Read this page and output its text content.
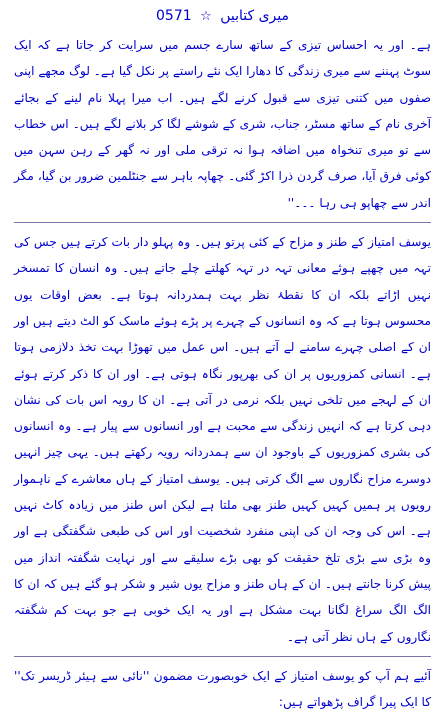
میری کتابیں ☆ 0571

ہے۔ اور یہ احساس تیزی کے ساتھ سارے جسم میں سرایت کر جاتا ہے کہ ایک سوٹ پہننے سے میری زندگی کا دھارا ایک نئے راستے پر نکل گیا ہے۔ لوگ مجھے اپنی صفوں میں کتنی تیزی سے قبول کرنے لگے ہیں۔ اب میرا پہلا نام لینے کے بجائے آخری نام کے ساتھ مسٹر، جناب، شری کے شوشے لگا کر بلانے لگے ہیں۔ اس خطاب سے تو میری تنخواہ میں اضافہ ہوا نہ ترقی ملی اور نہ گھر کے رہن سہن میں کوئی فرق آیا، صرف گردن ذرا اکڑ گئی۔ چھاپہ باہر سے جنٹلمین ضرور بن گیا، مگر اندر سے چھاپو ہی رہا ۔۔۔''

یوسف امتیاز کے طنز و مزاح کے کئی پرتو ہیں۔ وہ پہلو دار بات کرتے ہیں جس کی تہہ میں چھپے ہوئے معانی تہہ در تہہ کھلتے چلے جاتے ہیں۔ وہ انسان کا تمسخر نہیں اڑاتے بلکہ ان کا نقطۂ نظر بہت ہمدردانہ ہوتا ہے۔ بعض اوقات یوں محسوس ہوتا ہے کہ وہ انسانوں کے چہرے پر پڑے ہوئے ماسک کو الٹ دیتے ہیں اور ان کے اصلی چہرے سامنے لے آتے ہیں۔ اس عمل میں تھوڑا بہت تخذ دلازمی ہوتا ہے۔ انسانی کمزوریوں پر ان کی بھرپور نگاہ ہوتی ہے۔ اور ان کا ذکر کرتے ہوئے ان کے لہجے میں تلخی نہیں بلکہ نرمی در آتی ہے۔ ان کا رویہ اس بات کی نشان دہی کرتا ہے کہ انہیں زندگی سے محبت ہے اور انسانوں سے پیار ہے۔ وہ انسانوں کی بشری کمزوریوں کے باوجود ان سے ہمدردانہ رویہ رکھتے ہیں۔ یہی چیز انہیں دوسرے مزاح نگاروں سے الگ کرتی ہیں۔ یوسف امتیاز کے ہاں معاشرے کے ناہموار رویوں پر ہمیں کہیں کہیں طنز بھی ملتا ہے لیکن اس طنز میں زیادہ کاٹ نہیں ہے۔ اس کی وجہ ان کی اپنی منفرد شخصیت اور اس کی طبعی شگفتگی ہے اور وہ بڑی سے بڑی تلخ حقیقت کو بھی بڑے سلیقے سے اور نہایت شگفتہ انداز میں پیش کرنا جانتے ہیں۔ ان کے ہاں طنز و مزاح یوں شیر و شکر ہو گئے ہیں کہ ان کا الگ الگ سراغ لگانا بہت مشکل ہے اور یہ ایک خوبی ہے جو بہت کم شگفتہ نگاروں کے ہاں نظر آتی ہے۔

آئیے ہم آپ کو یوسف امتیاز کے ایک خوبصورت مضمون ''نائی سے ہیئر ڈریسر تک'' کا ایک پیرا گراف پڑھواتے ہیں:
